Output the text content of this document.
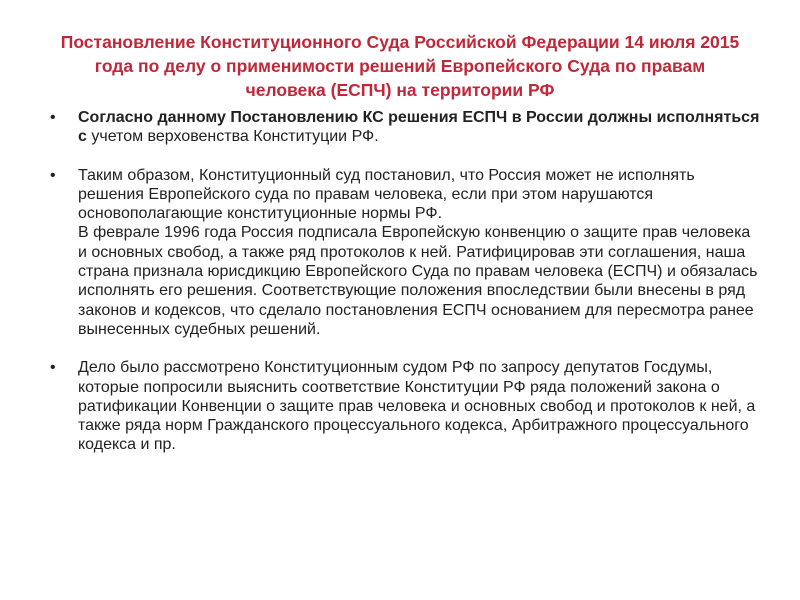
Постановление Конституционного Суда Российской Федерации 14 июля 2015 года по делу о применимости решений Европейского Суда по правам человека (ЕСПЧ) на территории РФ
• Согласно данному Постановлению КС решения ЕСПЧ в России должны исполняться с учетом верховенства Конституции РФ.
• Таким образом, Конституционный суд постановил, что Россия может не исполнять решения Европейского суда по правам человека, если при этом нарушаются основополагающие конституционные нормы РФ.
В феврале 1996 года Россия подписала Европейскую конвенцию о защите прав человека и основных свобод, а также ряд протоколов к ней. Ратифицировав эти соглашения, наша страна признала юрисдикцию Европейского Суда по правам человека (ЕСПЧ) и обязалась исполнять его решения. Соответствующие положения впоследствии были внесены в ряд законов и кодексов, что сделало постановления ЕСПЧ основанием для пересмотра ранее вынесенных судебных решений.
• Дело было рассмотрено Конституционным судом РФ по запросу депутатов Госдумы, которые попросили выяснить соответствие Конституции РФ ряда положений закона о ратификации Конвенции о защите прав человека и основных свобод и протоколов к ней, а также ряда норм Гражданского процессуального кодекса, Арбитражного процессуального кодекса и пр.
